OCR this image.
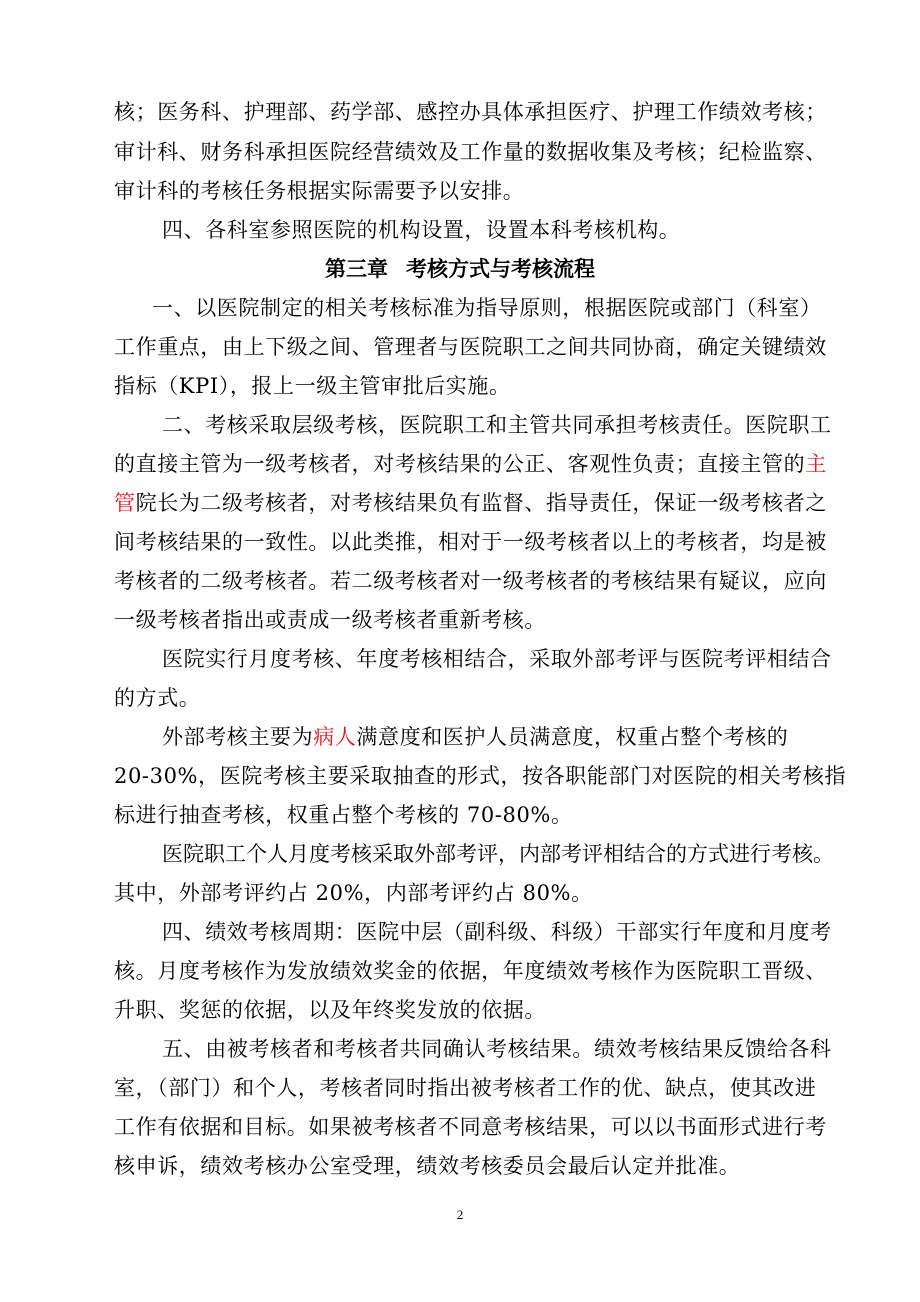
核；医务科、护理部、药学部、感控办具体承担医疗、护理工作绩效考核；
审计科、财务科承担医院经营绩效及工作量的数据收集及考核；纪检监察、
审计科的考核任务根据实际需要予以安排。
四、各科室参照医院的机构设置，设置本科考核机构。
第三章 考核方式与考核流程
一、以医院制定的相关考核标准为指导原则，根据医院或部门（科室）
工作重点，由上下级之间、管理者与医院职工之间共同协商，确定关键绩效
指标（KPI），报上一级主管审批后实施。
二、考核采取层级考核，医院职工和主管共同承担考核责任。医院职工
的直接主管为一级考核者，对考核结果的公正、客观性负责；直接主管的主
管院长为二级考核者，对考核结果负有监督、指导责任，保证一级考核者之
间考核结果的一致性。以此类推，相对于一级考核者以上的考核者，均是被
考核者的二级考核者。若二级考核者对一级考核者的考核结果有疑议，应向
一级考核者指出或责成一级考核者重新考核。
医院实行月度考核、年度考核相结合，采取外部考评与医院考评相结合
的方式。
外部考核主要为病人满意度和医护人员满意度，权重占整个考核的
20-30%，医院考核主要采取抽查的形式，按各职能部门对医院的相关考核指
标进行抽查考核，权重占整个考核的 70-80%。
医院职工个人月度考核采取外部考评，内部考评相结合的方式进行考核。
其中，外部考评约占 20%，内部考评约占 80%。
四、绩效考核周期：医院中层（副科级、科级）干部实行年度和月度考
核。月度考核作为发放绩效奖金的依据，年度绩效考核作为医院职工晋级、
升职、奖惩的依据，以及年终奖发放的依据。
五、由被考核者和考核者共同确认考核结果。绩效考核结果反馈给各科
室，（部门）和个人，考核者同时指出被考核者工作的优、缺点，使其改进
工作有依据和目标。如果被考核者不同意考核结果，可以以书面形式进行考
核申诉，绩效考核办公室受理，绩效考核委员会最后认定并批准。
2
